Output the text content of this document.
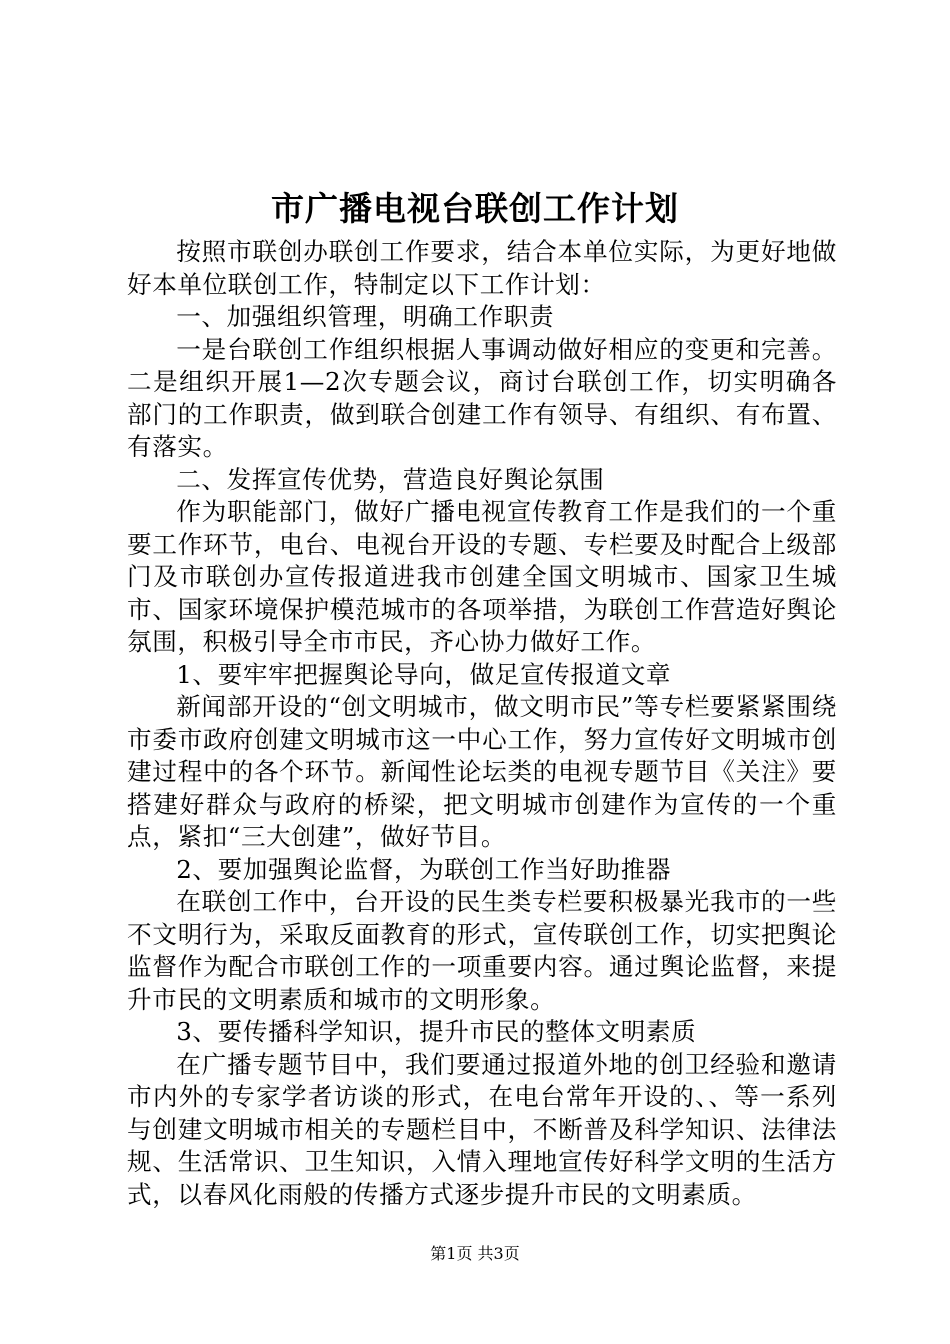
市广播电视台联创工作计划

按照市联创办联创工作要求，结合本单位实际，为更好地做好本单位联创工作，特制定以下工作计划：

一、加强组织管理，明确工作职责

一是台联创工作组织根据人事调动做好相应的变更和完善。二是组织开展1—2次专题会议，商讨台联创工作，切实明确各部门的工作职责，做到联合创建工作有领导、有组织、有布置、有落实。

二、发挥宣传优势，营造良好舆论氛围

作为职能部门，做好广播电视宣传教育工作是我们的一个重要工作环节，电台、电视台开设的专题、专栏要及时配合上级部门及市联创办宣传报道进我市创建全国文明城市、国家卫生城市、国家环境保护模范城市的各项举措，为联创工作营造好舆论氛围，积极引导全市市民，齐心协力做好工作。

1、要牢牢把握舆论导向，做足宣传报道文章

新闻部开设的“创文明城市，做文明市民”等专栏要紧紧围绕市委市政府创建文明城市这一中心工作，努力宣传好文明城市创建过程中的各个环节。新闻性论坛类的电视专题节目《关注》要搭建好群众与政府的桥梁，把文明城市创建作为宣传的一个重点，紧扣“三大创建”，做好节目。

2、要加强舆论监督，为联创工作当好助推器

在联创工作中，台开设的民生类专栏要积极暴光我市的一些不文明行为，采取反面教育的形式，宣传联创工作，切实把舆论监督作为配合市联创工作的一项重要内容。通过舆论监督，来提升市民的文明素质和城市的文明形象。

3、要传播科学知识，提升市民的整体文明素质

在广播专题节目中，我们要通过报道外地的创卫经验和邀请市内外的专家学者访谈的形式，在电台常年开设的、、等一系列与创建文明城市相关的专题栏目中，不断普及科学知识、法律法规、生活常识、卫生知识，入情入理地宣传好科学文明的生活方式，以春风化雨般的传播方式逐步提升市民的文明素质。

第1页 共3页
